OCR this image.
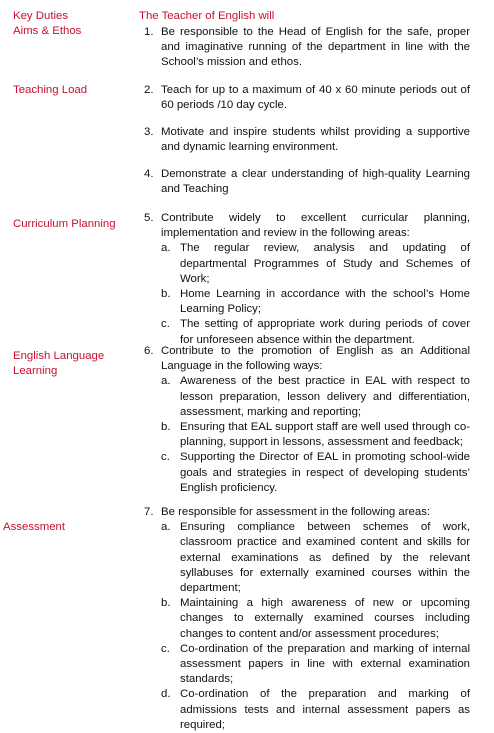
Key Duties
Aims & Ethos
Teaching Load
Curriculum Planning
English Language
Learning
Assessment
The Teacher of English will
1. Be responsible to the Head of English for the safe, proper and imaginative running of the department in line with the School’s mission and ethos.
2. Teach for up to a maximum of 40 x 60 minute periods out of 60 periods /10 day cycle.
3. Motivate and inspire students whilst providing a supportive and dynamic learning environment.
4. Demonstrate a clear understanding of high-quality Learning and Teaching
5. Contribute widely to excellent curricular planning, implementation and review in the following areas:
a. The regular review, analysis and updating of departmental Programmes of Study and Schemes of Work;
b. Home Learning in accordance with the school’s Home Learning Policy;
c. The setting of appropriate work during periods of cover for unforeseen absence within the department.
6. Contribute to the promotion of English as an Additional Language in the following ways:
a. Awareness of the best practice in EAL with respect to lesson preparation, lesson delivery and differentiation, assessment, marking and reporting;
b. Ensuring that EAL support staff are well used through co-planning, support in lessons, assessment and feedback;
c. Supporting the Director of EAL in promoting school-wide goals and strategies in respect of developing students’ English proficiency.
7. Be responsible for assessment in the following areas:
a. Ensuring compliance between schemes of work, classroom practice and examined content and skills for external examinations as defined by the relevant syllabuses for externally examined courses within the department;
b. Maintaining a high awareness of new or upcoming changes to externally examined courses including changes to content and/or assessment procedures;
c. Co-ordination of the preparation and marking of internal assessment papers in line with external examination standards;
d. Co-ordination of the preparation and marking of admissions tests and internal assessment papers as required;
